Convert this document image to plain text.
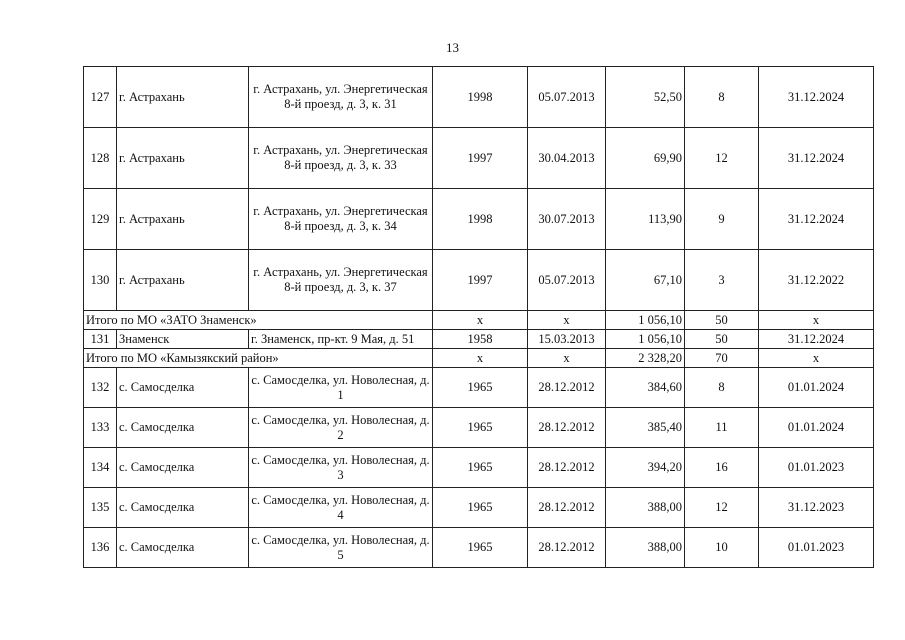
13
127	г. Астрахань	г. Астрахань, ул. Энергетическая 8-й проезд, д. 3, к. 31	1998	05.07.2013	52,50	8	31.12.2024
128	г. Астрахань	г. Астрахань, ул. Энергетическая 8-й проезд, д. 3, к. 33	1997	30.04.2013	69,90	12	31.12.2024
129	г. Астрахань	г. Астрахань, ул. Энергетическая 8-й проезд, д. 3, к. 34	1998	30.07.2013	113,90	9	31.12.2024
130	г. Астрахань	г. Астрахань, ул. Энергетическая 8-й проезд, д. 3, к. 37	1997	05.07.2013	67,10	3	31.12.2022
Итого по МО «ЗАТО Знаменск»			x	x	1 056,10	50	x
131	Знаменск	г. Знаменск, пр-кт. 9 Мая, д. 51	1958	15.03.2013	1 056,10	50	31.12.2024
Итого по МО «Камызякский район»			x	x	2 328,20	70	x
132	с. Самосделка	с. Самосделка, ул. Новолесная, д. 1	1965	28.12.2012	384,60	8	01.01.2024
133	с. Самосделка	с. Самосделка, ул. Новолесная, д. 2	1965	28.12.2012	385,40	11	01.01.2024
134	с. Самосделка	с. Самосделка, ул. Новолесная, д. 3	1965	28.12.2012	394,20	16	01.01.2023
135	с. Самосделка	с. Самосделка, ул. Новолесная, д. 4	1965	28.12.2012	388,00	12	31.12.2023
136	с. Самосделка	с. Самосделка, ул. Новолесная, д. 5	1965	28.12.2012	388,00	10	01.01.2023
